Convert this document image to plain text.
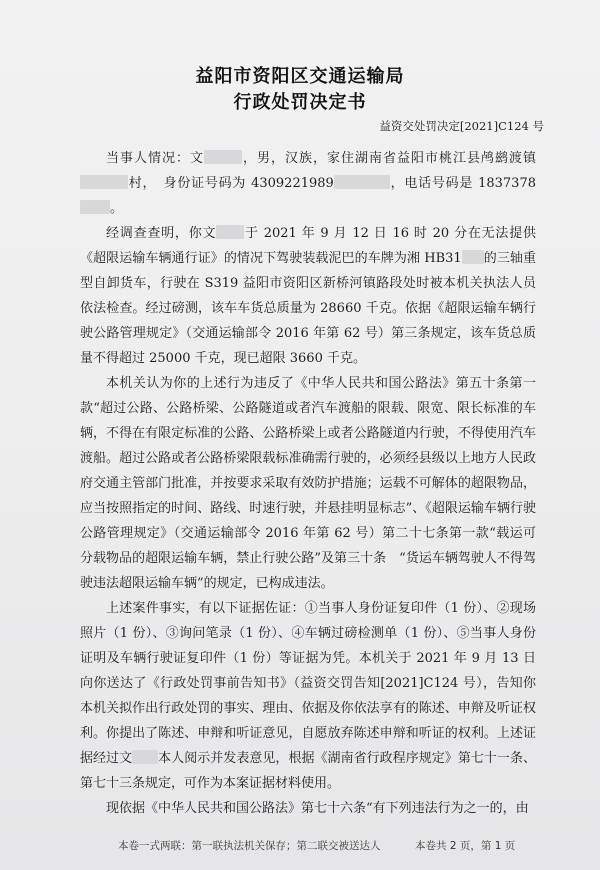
益阳市资阳区交通运输局
行政处罚决定书
益资交处罚决定[2021]C124 号

当事人情况：文	，男，汉族，家住湖南省益阳市桃江县鸬鹚渡镇村，　身份证号码为 4309221989	，电话号码是 1837378。

经调查查明，你文 于 2021 年 9 月 12 日 16 时 20 分在无法提供《超限运输车辆通行证》的情况下驾驶装载泥巴的车牌为湘 HB31 的三轴重型自卸货车，行驶在 S319 益阳市资阳区新桥河镇路段处时被本机关执法人员依法检查。经过磅测，该车车货总质量为 28660 千克。依据《超限运输车辆行驶公路管理规定》（交通运输部令 2016 年第 62 号）第三条规定，该车货总质量不得超过 25000 千克，现已超限 3660 千克。

本机关认为你的上述行为违反了《中华人民共和国公路法》第五十条第一款“超过公路、公路桥梁、公路隧道或者汽车渡船的限载、限宽、限长标准的车辆，不得在有限定标准的公路、公路桥梁上或者公路隧道内行驶，不得使用汽车渡船。超过公路或者公路桥梁限载标准确需行驶的，必须经县级以上地方人民政府交通主管部门批准，并按要求采取有效防护措施；运载不可解体的超限物品，应当按照指定的时间、路线、时速行驶，并悬挂明显标志”、《超限运输车辆行驶公路管理规定》（交通运输部令 2016 年第 62 号）第二十七条第一款“载运可分载物品的超限运输车辆，禁止行驶公路”及第三十条　“货运车辆驾驶人不得驾驶违法超限运输车辆”的规定，已构成违法。

上述案件事实，有以下证据佐证：①当事人身份证复印件（1 份）、②现场照片（1 份）、③询问笔录（1 份）、④车辆过磅检测单（1 份）、⑤当事人身份证明及车辆行驶证复印件（1 份）等证据为凭。本机关于 2021 年 9 月 13 日向你送达了《行政处罚事前告知书》（益资交罚告知[2021]C124 号），告知你本机关拟作出行政处罚的事实、理由、依据及你依法享有的陈述、申辩及听证权利。你提出了陈述、申辩和听证意见，自愿放弃陈述申辩和听证的权利。上述证据经过文 本人阅示并发表意见，根据《湖南省行政程序规定》第七十一条、第七十三条规定，可作为本案证据材料使用。

现依据《中华人民共和国公路法》第七十六条“有下列违法行为之一的，由

本卷一式两联：第一联执法机关保存；第二联交被送达人	本卷共 2 页，第 1 页
